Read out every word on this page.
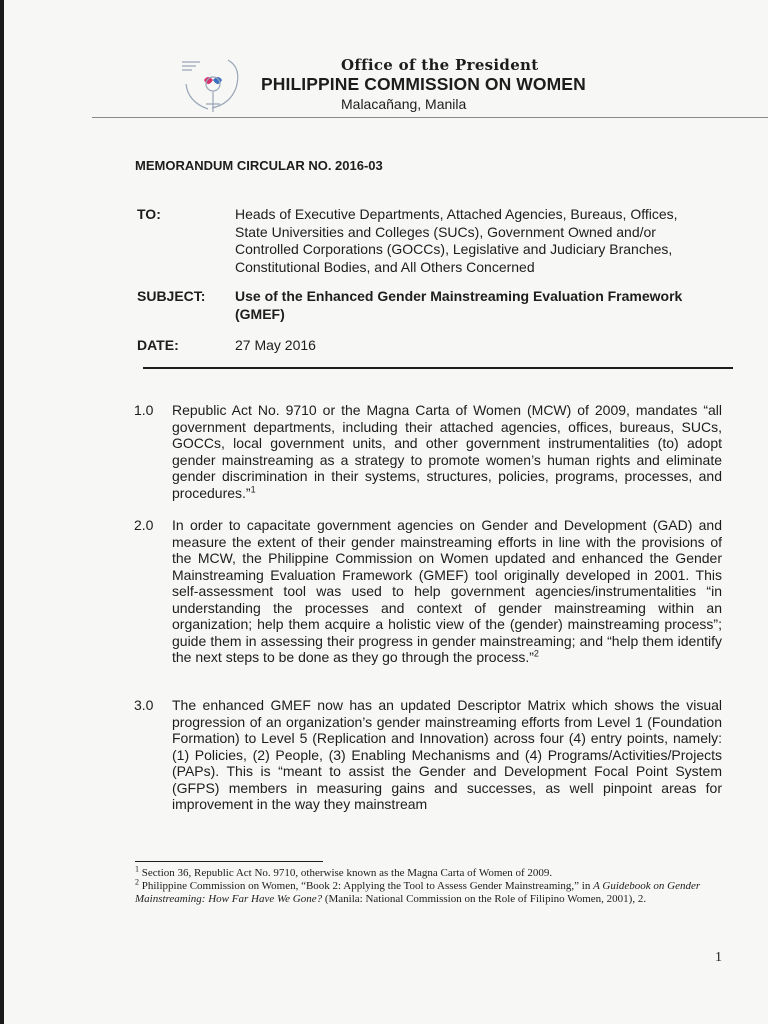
Office of the President
PHILIPPINE COMMISSION ON WOMEN
Malacañang, Manila
MEMORANDUM CIRCULAR NO. 2016-03
TO:	Heads of Executive Departments, Attached Agencies, Bureaus, Offices, State Universities and Colleges (SUCs), Government Owned and/or Controlled Corporations (GOCCs), Legislative and Judiciary Branches, Constitutional Bodies, and All Others Concerned
SUBJECT: Use of the Enhanced Gender Mainstreaming Evaluation Framework (GMEF)
DATE:	27 May 2016
1.0 Republic Act No. 9710 or the Magna Carta of Women (MCW) of 2009, mandates “all government departments, including their attached agencies, offices, bureaus, SUCs, GOCCs, local government units, and other government instrumentalities (to) adopt gender mainstreaming as a strategy to promote women’s human rights and eliminate gender discrimination in their systems, structures, policies, programs, processes, and procedures.”$^1$
2.0 In order to capacitate government agencies on Gender and Development (GAD) and measure the extent of their gender mainstreaming efforts in line with the provisions of the MCW, the Philippine Commission on Women updated and enhanced the Gender Mainstreaming Evaluation Framework (GMEF) tool originally developed in 2001. This self-assessment tool was used to help government agencies/instrumentalities “in understanding the processes and context of gender mainstreaming within an organization; help them acquire a holistic view of the (gender) mainstreaming process”; guide them in assessing their progress in gender mainstreaming; and “help them identify the next steps to be done as they go through the process.”$^2$
3.0 The enhanced GMEF now has an updated Descriptor Matrix which shows the visual progression of an organization’s gender mainstreaming efforts from Level 1 (Foundation Formation) to Level 5 (Replication and Innovation) across four (4) entry points, namely: (1) Policies, (2) People, (3) Enabling Mechanisms and (4) Programs/Activities/Projects (PAPs). This is “meant to assist the Gender and Development Focal Point System (GFPS) members in measuring gains and successes, as well pinpoint areas for improvement in the way they mainstream

$^1$ Section 36, Republic Act No. 9710, otherwise known as the Magna Carta of Women of 2009.

$^2$ Philippine Commission on Women, “Book 2: Applying the Tool to Assess Gender Mainstreaming,” in A Guidebook on Gender Mainstreaming: How Far Have We Gone? (Manila: National Commission on the Role of Filipino Women, 2001), 2.

1
